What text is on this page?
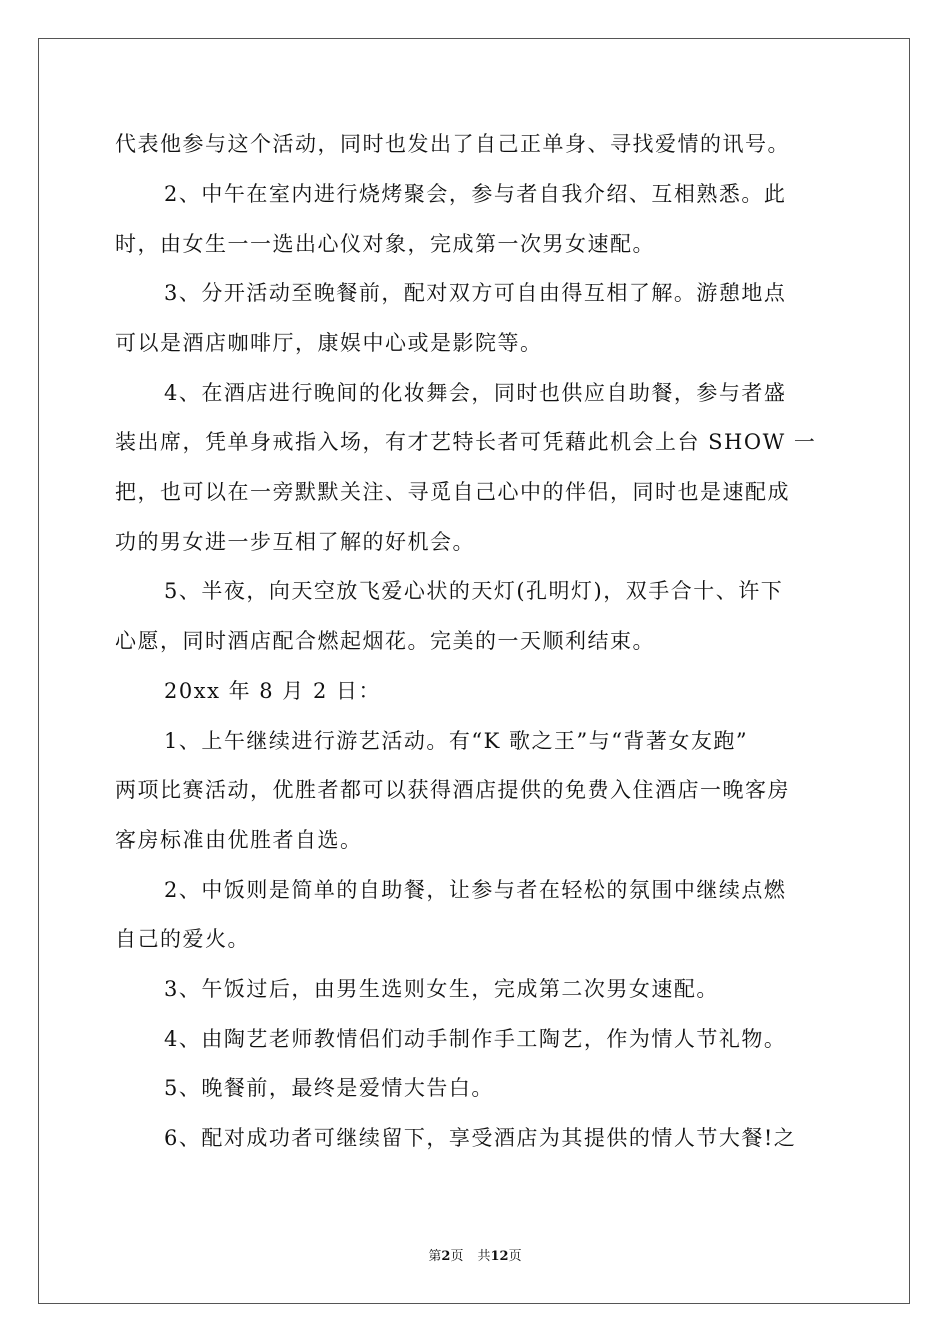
代表他参与这个活动，同时也发出了自己正单身、寻找爱情的讯号。
2、中午在室内进行烧烤聚会，参与者自我介绍、互相熟悉。此
时，由女生一一选出心仪对象，完成第一次男女速配。
3、分开活动至晚餐前，配对双方可自由得互相了解。游憩地点
可以是酒店咖啡厅，康娱中心或是影院等。
4、在酒店进行晚间的化妆舞会，同时也供应自助餐，参与者盛
装出席，凭单身戒指入场，有才艺特长者可凭藉此机会上台 SHOW 一
把，也可以在一旁默默关注、寻觅自己心中的伴侣，同时也是速配成
功的男女进一步互相了解的好机会。
5、半夜，向天空放飞爱心状的天灯(孔明灯)，双手合十、许下
心愿，同时酒店配合燃起烟花。完美的一天顺利结束。
20xx 年 8 月 2 日：
1、上午继续进行游艺活动。有“K 歌之王”与“背著女友跑”
两项比赛活动，优胜者都可以获得酒店提供的免费入住酒店一晚客房
客房标准由优胜者自选。
2、中饭则是简单的自助餐，让参与者在轻松的氛围中继续点燃
自己的爱火。
3、午饭过后，由男生选则女生，完成第二次男女速配。
4、由陶艺老师教情侣们动手制作手工陶艺，作为情人节礼物。
5、晚餐前，最终是爱情大告白。
6、配对成功者可继续留下，享受酒店为其提供的情人节大餐!之
第2页 共12页
